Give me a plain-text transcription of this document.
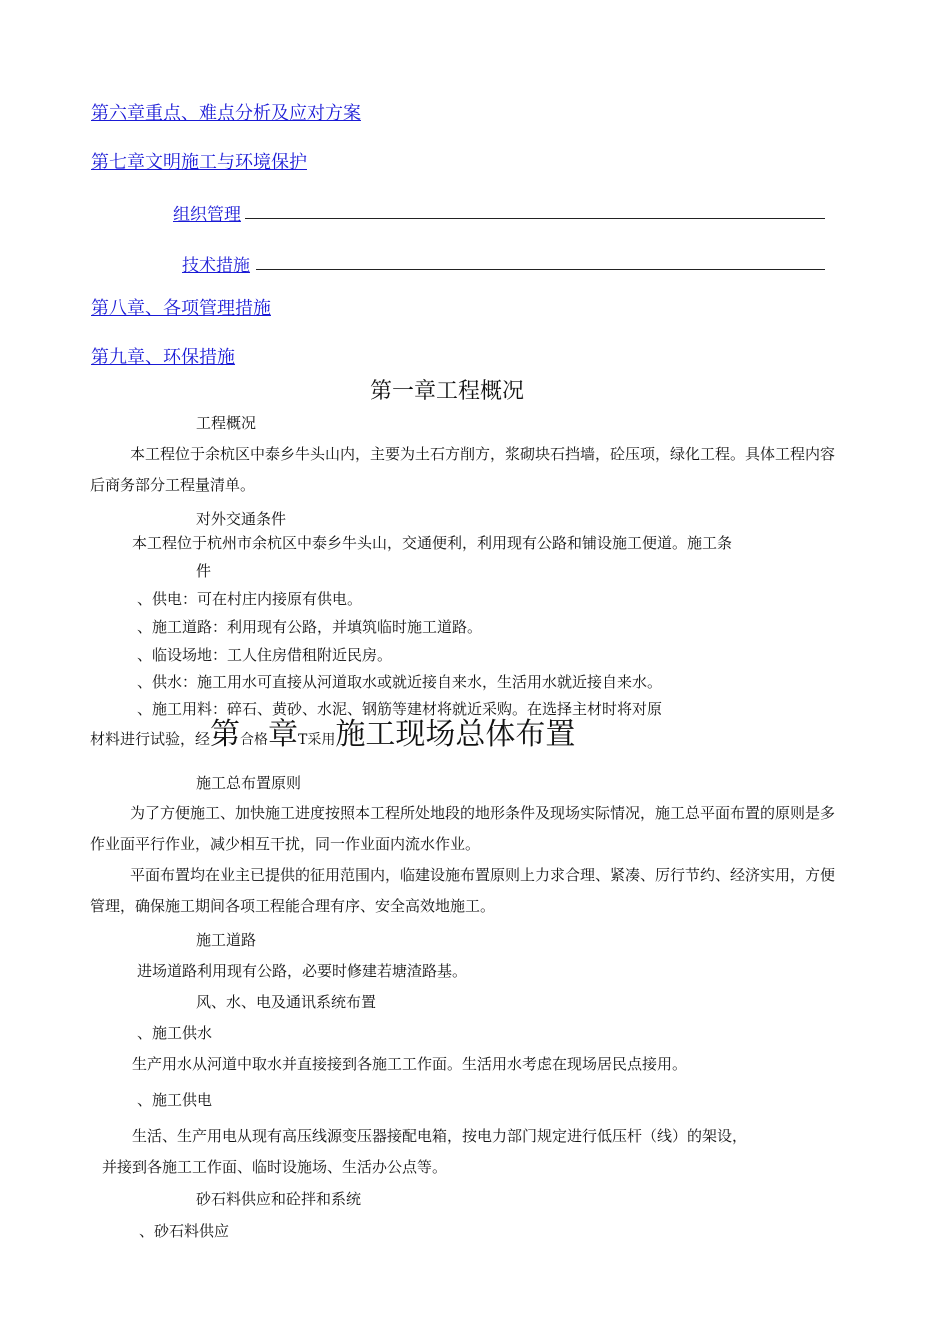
第六章重点、难点分析及应对方案
第七章文明施工与环境保护
组织管理
技术措施
第八章、各项管理措施
第九章、环保措施
第一章工程概况
工程概况
本工程位于余杭区中泰乡牛头山内，主要为土石方削方，浆砌块石挡墙，砼压项，绿化工程。具体工程内容后商务部分工程量清单。
对外交通条件
本工程位于杭州市余杭区中泰乡牛头山，交通便利，利用现有公路和铺设施工便道。施工条
件
、供电：可在村庄内接原有供电。
、施工道路：利用现有公路，并填筑临时施工道路。
、临设场地：工人住房借租附近民房。
、供水：施工用水可直接从河道取水或就近接自来水，生活用水就近接自来水。
、施工用料：碎石、黄砂、水泥、钢筋等建材将就近采购。在选择主材时将对原
材料进行试验，经第合格章T采用施工现场总体布置
施工总布置原则
为了方便施工、加快施工进度按照本工程所处地段的地形条件及现场实际情况，施工总平面布置的原则是多作业面平行作业，减少相互干扰，同一作业面内流水作业。
平面布置均在业主已提供的征用范围内，临建设施布置原则上力求合理、紧凑、厉行节约、经济实用，方便管理，确保施工期间各项工程能合理有序、安全高效地施工。
施工道路
进场道路利用现有公路，必要时修建若塘渣路基。
风、水、电及通讯系统布置
、施工供水
生产用水从河道中取水并直接接到各施工工作面。生活用水考虑在现场居民点接用。
、施工供电
生活、生产用电从现有高压线源变压器接配电箱，按电力部门规定进行低压杆（线）的架设，
并接到各施工工作面、临时设施场、生活办公点等。
砂石料供应和砼拌和系统
、砂石料供应
